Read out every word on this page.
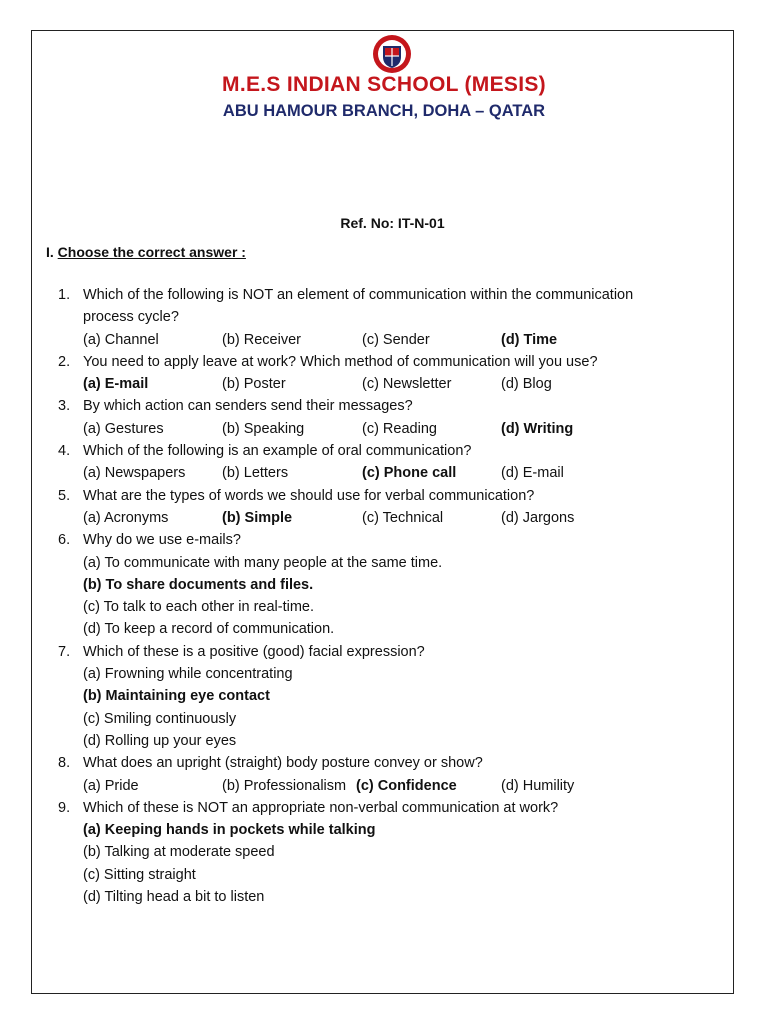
M.E.S INDIAN SCHOOL (MESIS)
ABU HAMOUR BRANCH, DOHA – QATAR
Ref. No: IT-N-01
I. Choose the correct answer :
1. Which of the following is NOT an element of communication within the communication
process cycle?
(a) Channel	(b) Receiver	(c) Sender	(d) Time
2. You need to apply leave at work? Which method of communication will you use?
(a) E-mail	(b) Poster	(c) Newsletter	(d) Blog
3. By which action can senders send their messages?
(a) Gestures	(b) Speaking	(c) Reading	(d) Writing
4. Which of the following is an example of oral communication?
(a) Newspapers	(b) Letters	(c) Phone call	(d) E-mail
5. What are the types of words we should use for verbal communication?
(a) Acronyms	(b) Simple	(c) Technical	(d) Jargons
6. Why do we use e-mails?
(a) To communicate with many people at the same time.
(b) To share documents and files.
(c) To talk to each other in real-time.
(d) To keep a record of communication.
7. Which of these is a positive (good) facial expression?
(a) Frowning while concentrating
(b) Maintaining eye contact
(c) Smiling continuously
(d) Rolling up your eyes
8. What does an upright (straight) body posture convey or show?
(a) Pride	(b) Professionalism (c) Confidence	(d) Humility
9. Which of these is NOT an appropriate non-verbal communication at work?
(a) Keeping hands in pockets while talking
(b) Talking at moderate speed
(c) Sitting straight
(d) Tilting head a bit to listen
